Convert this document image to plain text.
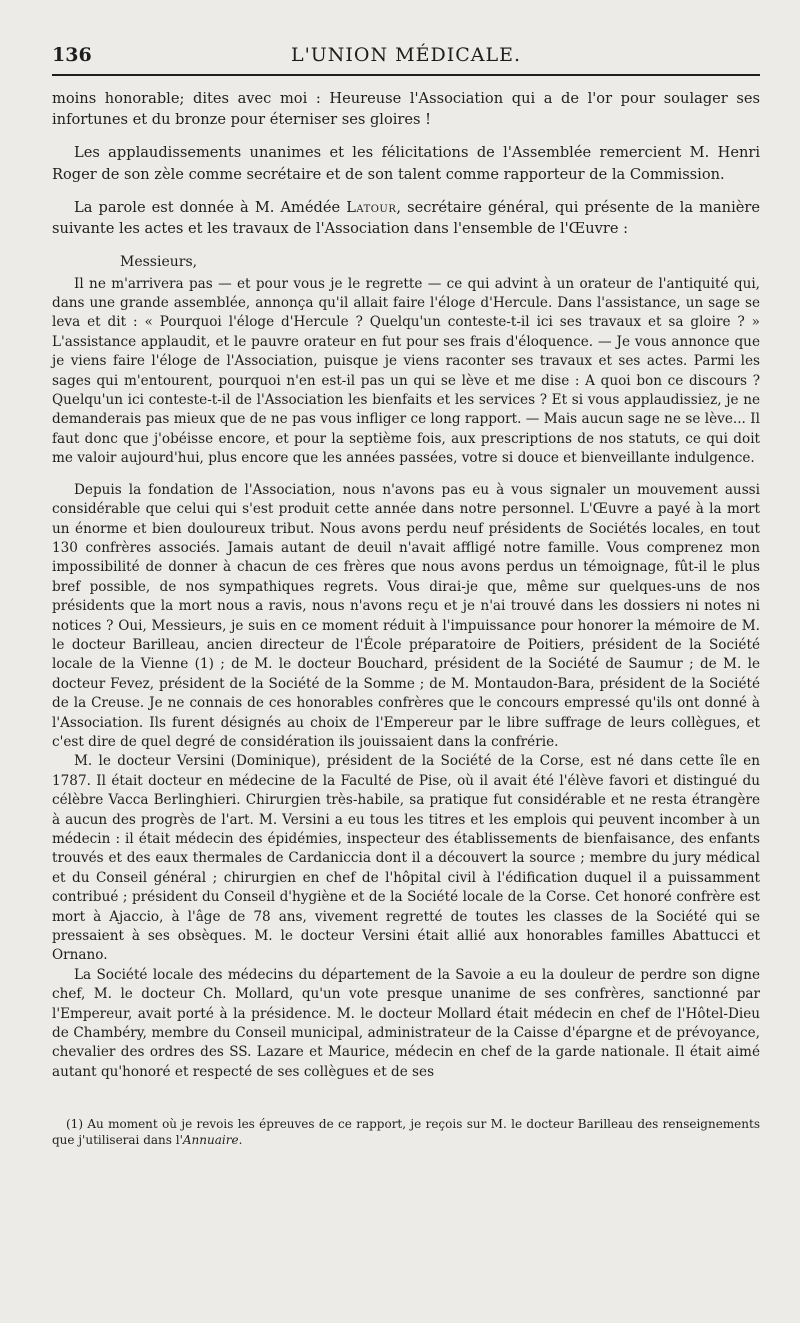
136	L'UNION MÉDICALE.

moins honorable; dites avec moi : Heureuse l'Association qui a de l'or pour soulager ses infortunes et du bronze pour éterniser ses gloires !

Les applaudissements unanimes et les félicitations de l'Assemblée remercient M. Henri Roger de son zèle comme secrétaire et de son talent comme rapporteur de la Commission.

La parole est donnée à M. Amédée Latour, secrétaire général, qui présente de la manière suivante les actes et les travaux de l'Association dans l'ensemble de l'Œuvre :

Messieurs,

Il ne m'arrivera pas — et pour vous je le regrette — ce qui advint à un orateur de l'antiquité qui, dans une grande assemblée, annonça qu'il allait faire l'éloge d'Hercule. Dans l'assistance, un sage se leva et dit : « Pourquoi l'éloge d'Hercule ? Quelqu'un conteste-t-il ici ses travaux et sa gloire ? » L'assistance applaudit, et le pauvre orateur en fut pour ses frais d'éloquence. — Je vous annonce que je viens faire l'éloge de l'Association, puisque je viens raconter ses travaux et ses actes. Parmi les sages qui m'entourent, pourquoi n'en est-il pas un qui se lève et me dise : A quoi bon ce discours ? Quelqu'un ici conteste-t-il de l'Association les bienfaits et les services ? Et si vous applaudissiez, je ne demanderais pas mieux que de ne pas vous infliger ce long rapport. — Mais aucun sage ne se lève... Il faut donc que j'obéisse encore, et pour la septième fois, aux prescriptions de nos statuts, ce qui doit me valoir aujourd'hui, plus encore que les années passées, votre si douce et bienveillante indulgence.

Depuis la fondation de l'Association, nous n'avons pas eu à vous signaler un mouvement aussi considérable que celui qui s'est produit cette année dans notre personnel. L'Œuvre a payé à la mort un énorme et bien douloureux tribut. Nous avons perdu neuf présidents de Sociétés locales, en tout 130 confrères associés. Jamais autant de deuil n'avait affligé notre famille. Vous comprenez mon impossibilité de donner à chacun de ces frères que nous avons perdus un témoignage, fût-il le plus bref possible, de nos sympathiques regrets. Vous dirai-je que, même sur quelques-uns de nos présidents que la mort nous a ravis, nous n'avons reçu et je n'ai trouvé dans les dossiers ni notes ni notices ? Oui, Messieurs, je suis en ce moment réduit à l'impuissance pour honorer la mémoire de M. le docteur Barilleau, ancien directeur de l'École préparatoire de Poitiers, président de la Société locale de la Vienne (1) ; de M. le docteur Bouchard, président de la Société de Saumur ; de M. le docteur Fevez, président de la Société de la Somme ; de M. Montaudon-Bara, président de la Société de la Creuse. Je ne connais de ces honorables confrères que le concours empressé qu'ils ont donné à l'Association. Ils furent désignés au choix de l'Empereur par le libre suffrage de leurs collègues, et c'est dire de quel degré de considération ils jouissaient dans la confrérie.

M. le docteur Versini (Dominique), président de la Société de la Corse, est né dans cette île en 1787. Il était docteur en médecine de la Faculté de Pise, où il avait été l'élève favori et distingué du célèbre Vacca Berlinghieri. Chirurgien très-habile, sa pratique fut considérable et ne resta étrangère à aucun des progrès de l'art. M. Versini a eu tous les titres et les emplois qui peuvent incomber à un médecin : il était médecin des épidémies, inspecteur des établissements de bienfaisance, des enfants trouvés et des eaux thermales de Cardaniccia dont il a découvert la source ; membre du jury médical et du Conseil général ; chirurgien en chef de l'hôpital civil à l'édification duquel il a puissamment contribué ; président du Conseil d'hygiène et de la Société locale de la Corse. Cet honoré confrère est mort à Ajaccio, à l'âge de 78 ans, vivement regretté de toutes les classes de la Société qui se pressaient à ses obsèques. M. le docteur Versini était allié aux honorables familles Abattucci et Ornano.

La Société locale des médecins du département de la Savoie a eu la douleur de perdre son digne chef, M. le docteur Ch. Mollard, qu'un vote presque unanime de ses confrères, sanctionné par l'Empereur, avait porté à la présidence. M. le docteur Mollard était médecin en chef de l'Hôtel-Dieu de Chambéry, membre du Conseil municipal, administrateur de la Caisse d'épargne et de prévoyance, chevalier des ordres des SS. Lazare et Maurice, médecin en chef de la garde nationale. Il était aimé autant qu'honoré et respecté de ses collègues et de ses

(1) Au moment où je revois les épreuves de ce rapport, je reçois sur M. le docteur Barilleau des renseignements que j'utiliserai dans l'Annuaire.
